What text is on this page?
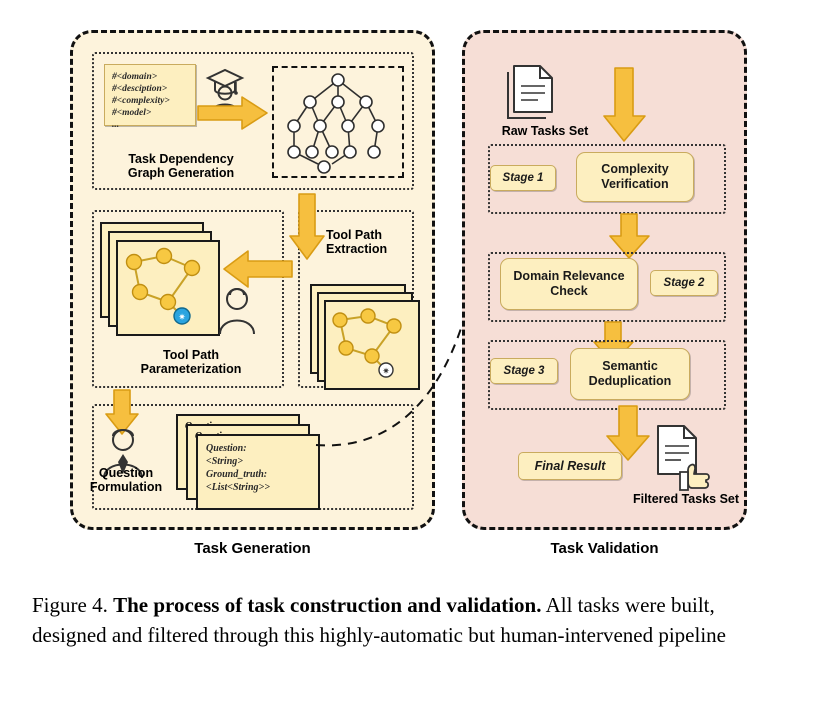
#<domain>
#<desciption>
#<complexity>
#<model>
...
Task Dependency
Graph Generation
Tool Path
Extraction
✷
✷
Tool Path
Parameterization
Question
Formulation
Question:
<String>
Ground_truth:
<List<String>>
Task Generation	Task Validation
Raw Tasks Set
Stage 1
Complexity
Verification
Domain Relevance
Check
Stage 2
Stage 3	Semantic
Deduplication
Final Result
Filtered Tasks Set
Figure 4. The process of task construction and validation. All tasks were built, designed and filtered through this highly-automatic but human-intervened pipeline
